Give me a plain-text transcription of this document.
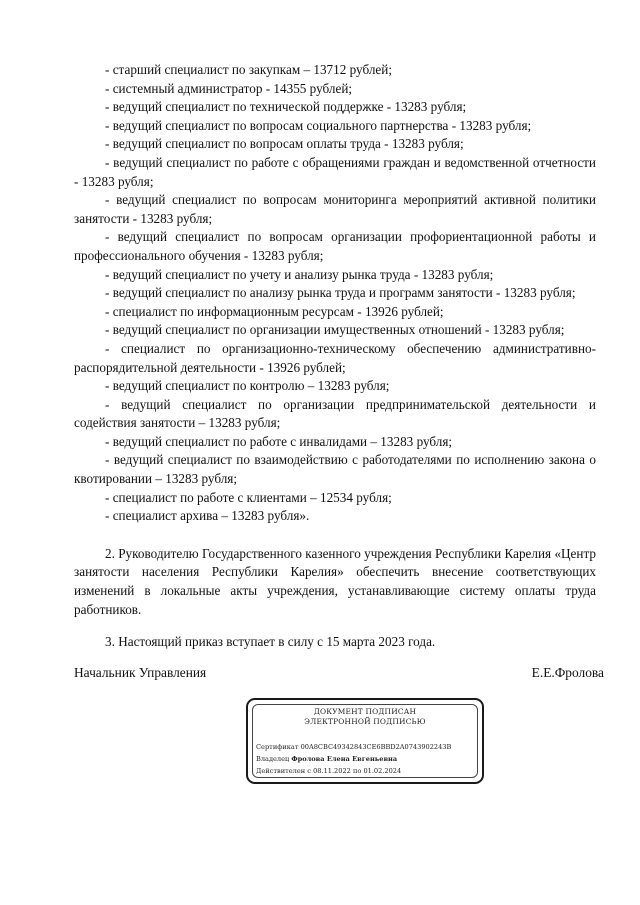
- старший специалист по закупкам – 13712 рублей;

- системный администратор - 14355 рублей;

- ведущий специалист по технической поддержке - 13283 рубля;

- ведущий специалист по вопросам социального партнерства - 13283 рубля;

- ведущий специалист по вопросам оплаты труда - 13283 рубля;

- ведущий специалист по работе с обращениями граждан и ведомственной отчетности - 13283 рубля;

- ведущий специалист по вопросам мониторинга мероприятий активной политики занятости - 13283 рубля;

- ведущий специалист по вопросам организации профориентационной работы и профессионального обучения - 13283 рубля;

- ведущий специалист по учету и анализу рынка труда - 13283 рубля;

- ведущий специалист по анализу рынка труда и программ занятости - 13283 рубля;

- специалист по информационным ресурсам - 13926 рублей;

- ведущий специалист по организации имущественных отношений - 13283 рубля;

- специалист по организационно-техническому обеспечению административно-распорядительной деятельности - 13926 рублей;

- ведущий специалист по контролю – 13283 рубля;

- ведущий специалист по организации предпринимательской деятельности и содействия занятости – 13283 рубля;

- ведущий специалист по работе с инвалидами – 13283 рубля;

- ведущий специалист по взаимодействию с работодателями по исполнению закона о квотировании – 13283 рубля;

- специалист по работе с клиентами – 12534 рубля;

- специалист архива – 13283 рубля».

2. Руководителю Государственного казенного учреждения Республики Карелия «Центр занятости населения Республики Карелия» обеспечить внесение соответствующих изменений в локальные акты учреждения, устанавливающие систему оплаты труда работников.

3. Настоящий приказ вступает в силу с 15 марта 2023 года.

Начальник Управления	Е.Е.Фролова
ДОКУМЕНТ ПОДПИСАН
ЭЛЕКТРОННОЙ ПОДПИСЬЮ
Сертификат 00A8CBC49342843CE6BBD2A0743902243B
Владелец Фролова Елена Евгеньевна
Действителен с 08.11.2022 по 01.02.2024
